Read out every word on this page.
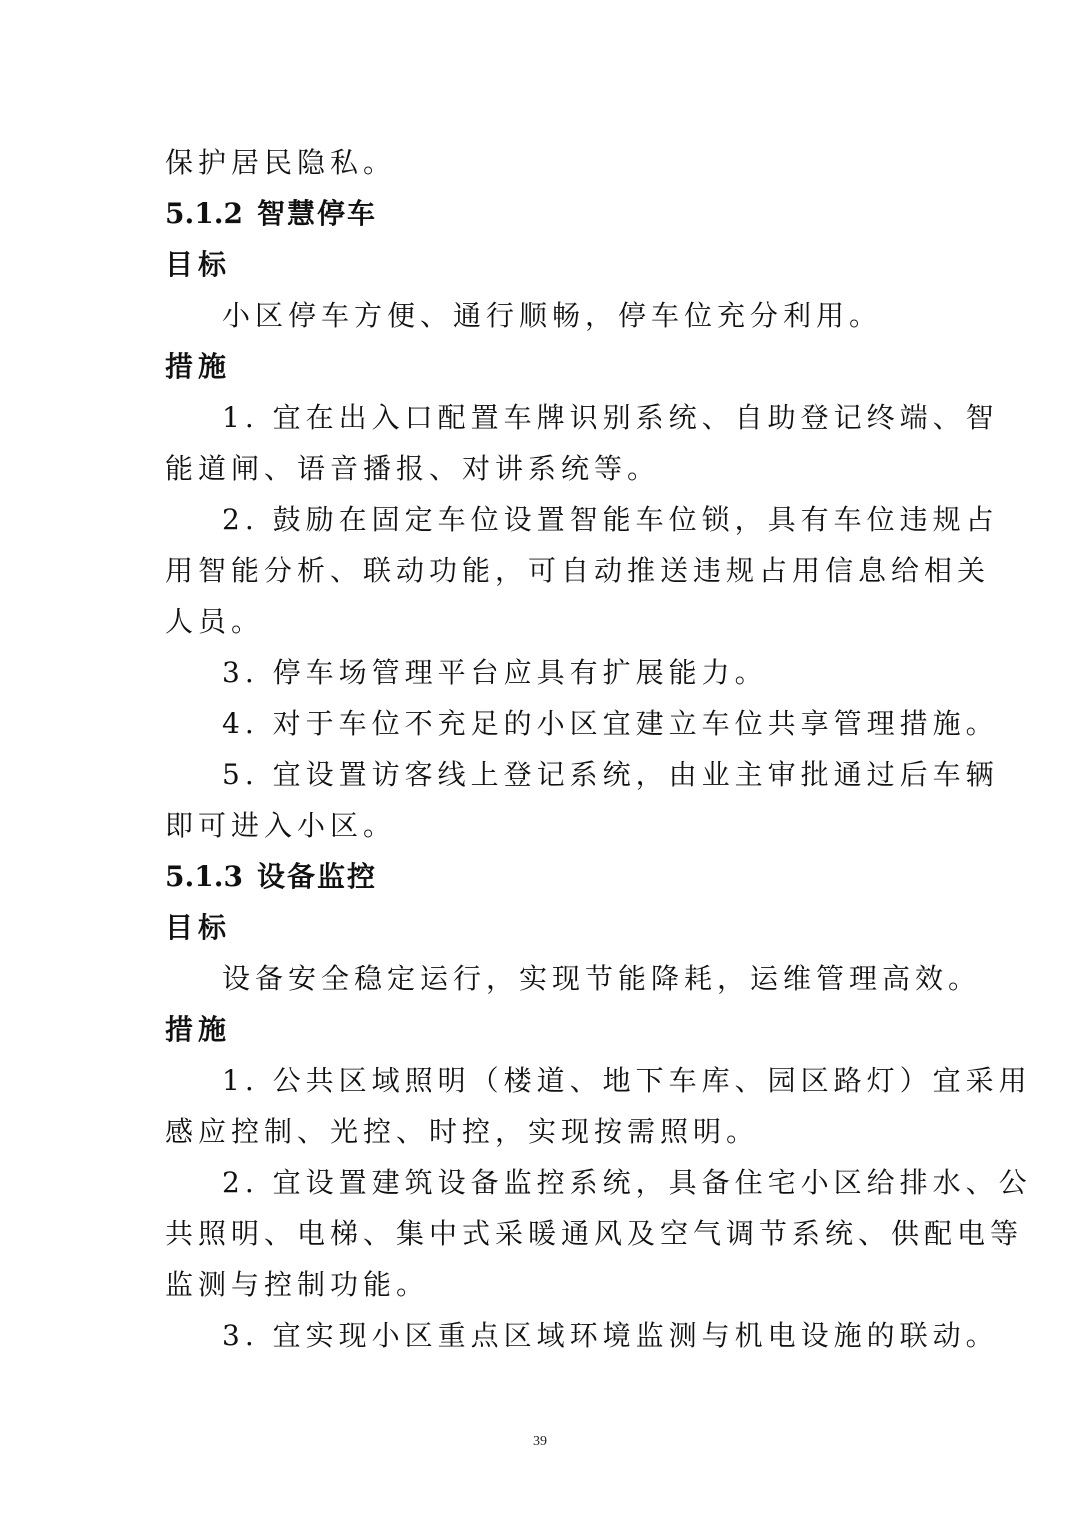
保护居民隐私。

5.1.2 智慧停车

目标

小区停车方便、通行顺畅，停车位充分利用。

措施

1. 宜在出入口配置车牌识别系统、自助登记终端、智

能道闸、语音播报、对讲系统等。

2. 鼓励在固定车位设置智能车位锁，具有车位违规占

用智能分析、联动功能，可自动推送违规占用信息给相关

人员。

3. 停车场管理平台应具有扩展能力。

4. 对于车位不充足的小区宜建立车位共享管理措施。

5. 宜设置访客线上登记系统，由业主审批通过后车辆

即可进入小区。

5.1.3 设备监控

目标

设备安全稳定运行，实现节能降耗，运维管理高效。

措施

1. 公共区域照明（楼道、地下车库、园区路灯）宜采用

感应控制、光控、时控，实现按需照明。

2. 宜设置建筑设备监控系统，具备住宅小区给排水、公

共照明、电梯、集中式采暖通风及空气调节系统、供配电等

监测与控制功能。

3. 宜实现小区重点区域环境监测与机电设施的联动。

39
